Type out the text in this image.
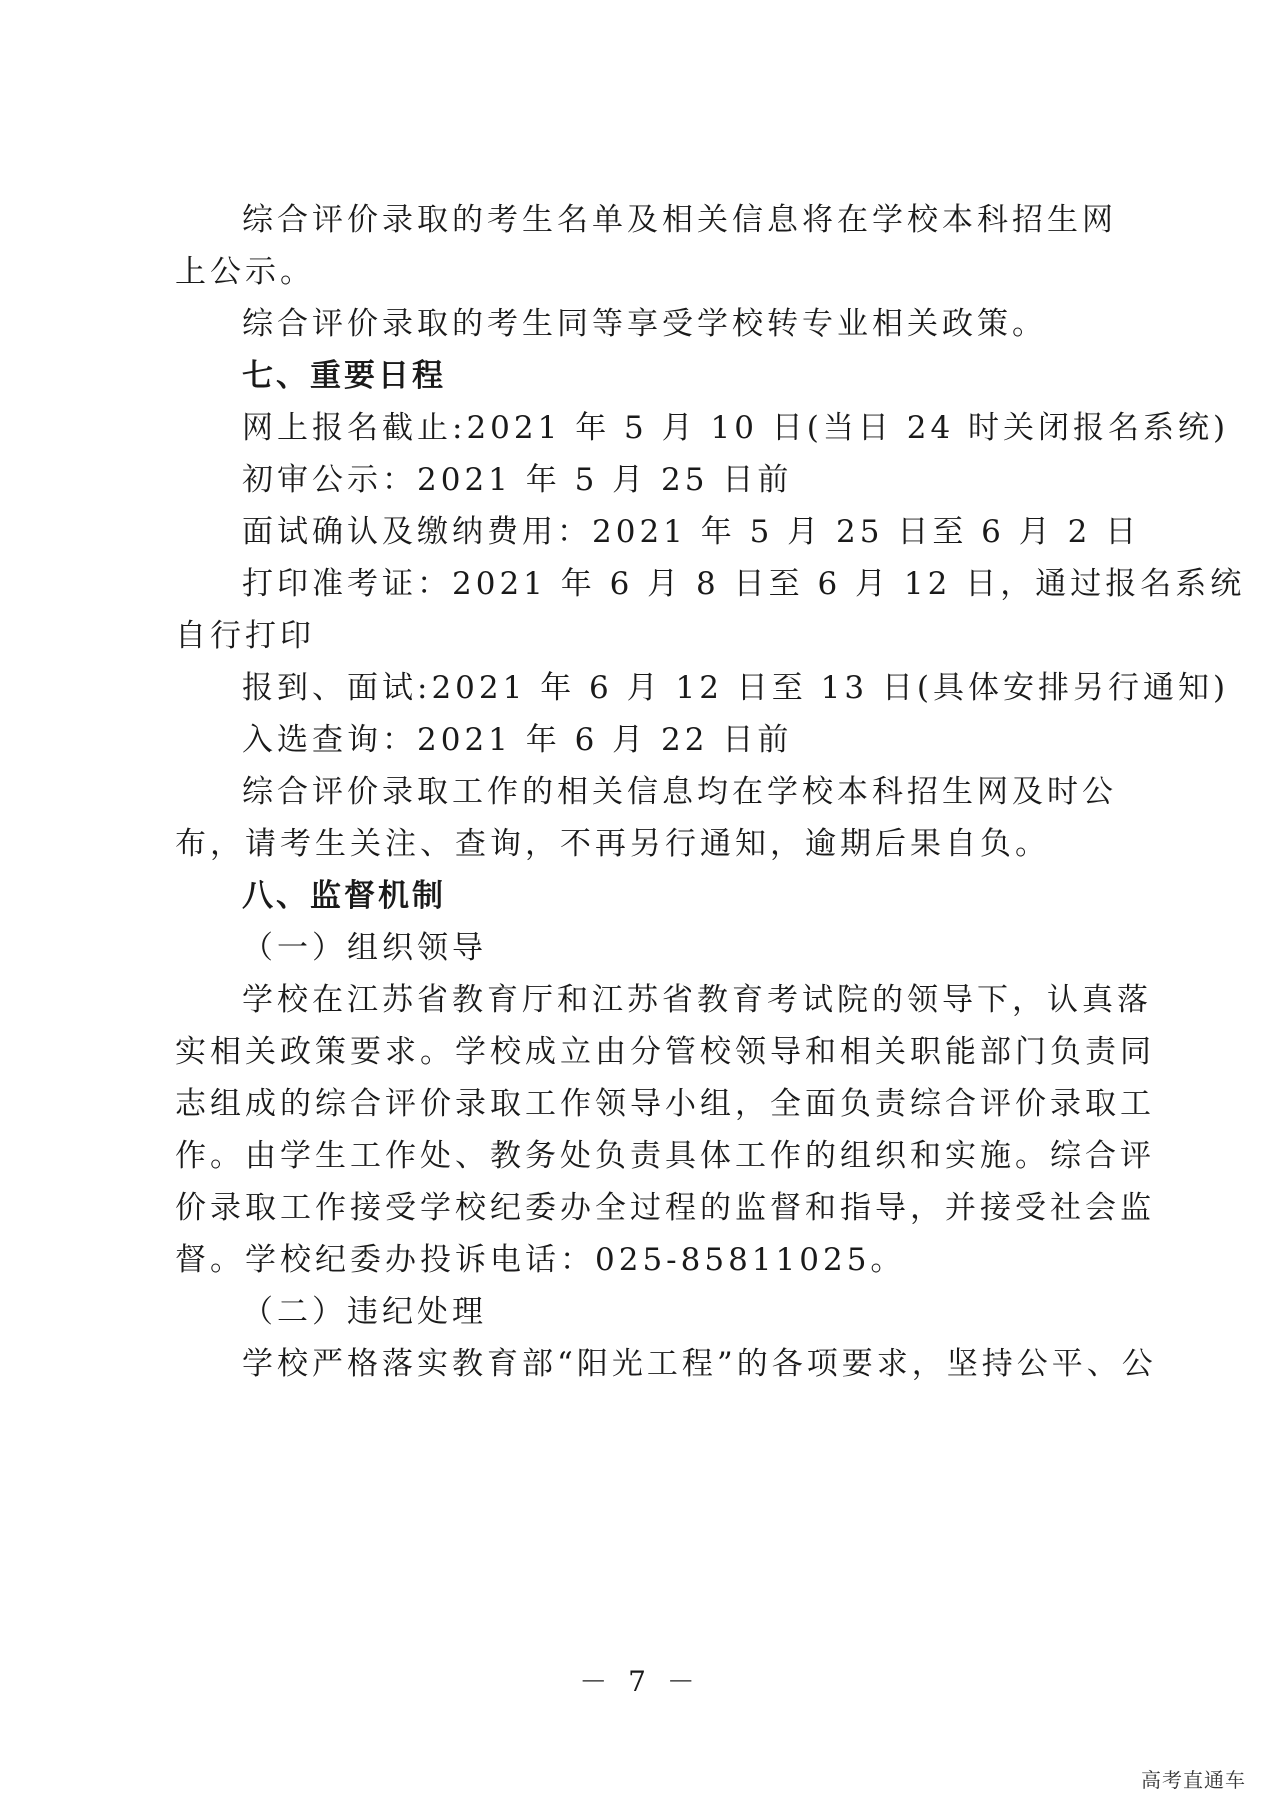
综合评价录取的考生名单及相关信息将在学校本科招生网
上公示。
综合评价录取的考生同等享受学校转专业相关政策。
七、重要日程
网上报名截止:2021 年 5 月 10 日(当日 24 时关闭报名系统)
初审公示：2021 年 5 月 25 日前
面试确认及缴纳费用：2021 年 5 月 25 日至 6 月 2 日
打印准考证：2021 年 6 月 8 日至 6 月 12 日，通过报名系统
自行打印
报到、面试:2021 年 6 月 12 日至 13 日(具体安排另行通知)
入选查询：2021 年 6 月 22 日前
综合评价录取工作的相关信息均在学校本科招生网及时公
布，请考生关注、查询，不再另行通知，逾期后果自负。
八、监督机制
（一）组织领导
学校在江苏省教育厅和江苏省教育考试院的领导下，认真落
实相关政策要求。学校成立由分管校领导和相关职能部门负责同
志组成的综合评价录取工作领导小组，全面负责综合评价录取工
作。由学生工作处、教务处负责具体工作的组织和实施。综合评
价录取工作接受学校纪委办全过程的监督和指导，并接受社会监
督。学校纪委办投诉电话：025-85811025。
（二）违纪处理
学校严格落实教育部“阳光工程”的各项要求，坚持公平、公
－ 7 －
高考直通车
